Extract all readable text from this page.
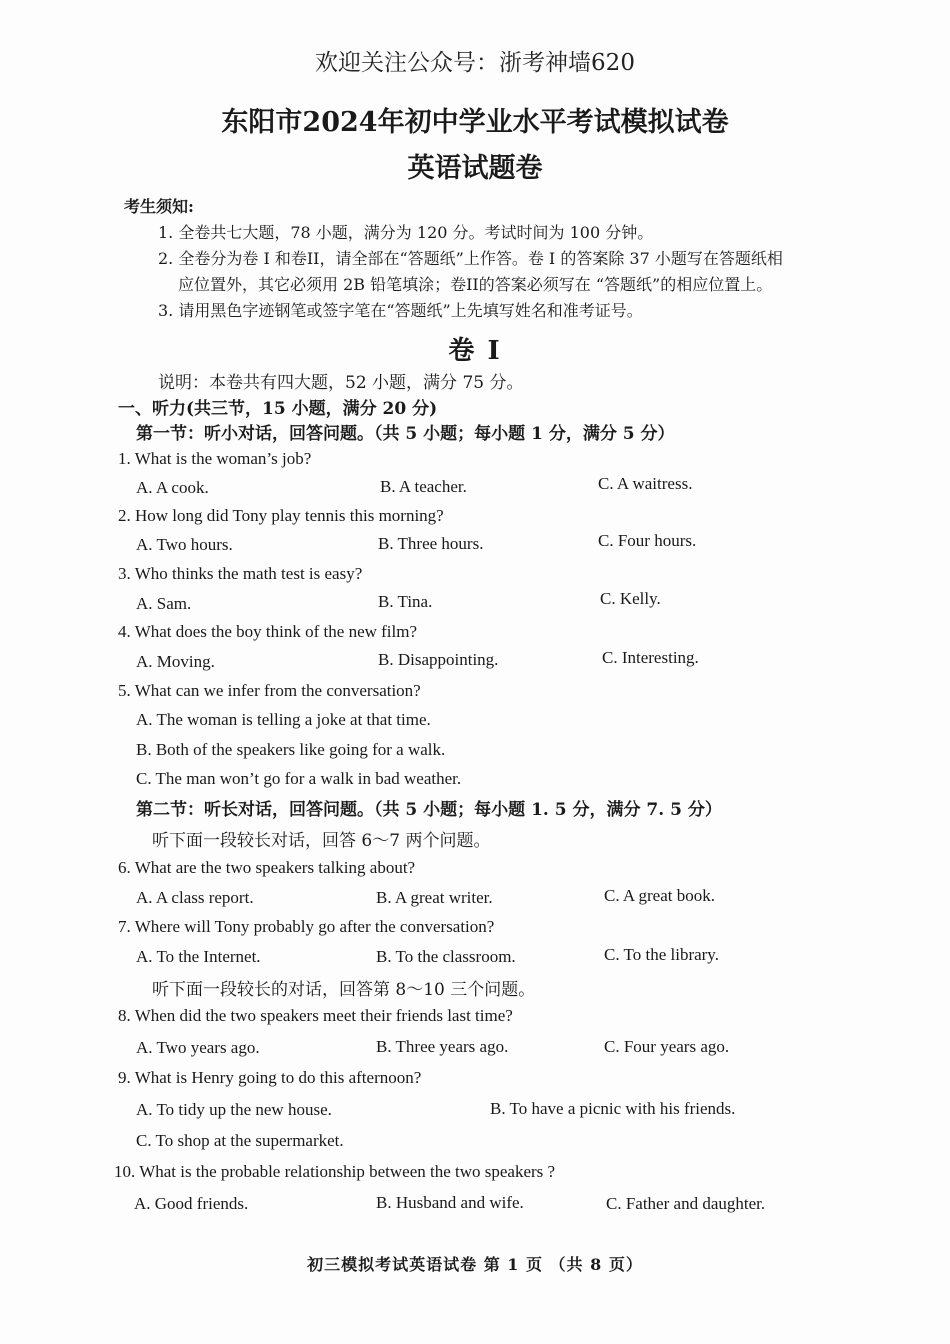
欢迎关注公众号：浙考神墙620
东阳市2024年初中学业水平考试模拟试卷
英语试题卷
考生须知:
1. 全卷共七大题，78 小题，满分为 120 分。考试时间为 100 分钟。
2. 全卷分为卷 I 和卷II，请全部在“答题纸”上作答。卷 I 的答案除 37 小题写在答题纸相
应位置外，其它必须用 2B 铅笔填涂；卷II的答案必须写在 “答题纸”的相应位置上。
3. 请用黑色字迹钢笔或签字笔在“答题纸”上先填写姓名和准考证号。
卷 I
说明：本卷共有四大题，52 小题，满分 75 分。
一、听力(共三节，15 小题，满分 20 分)
第一节：听小对话，回答问题。（共 5 小题；每小题 1 分，满分 5 分）
1. What is the woman’s job?
A. A cook.	B. A teacher.	C. A waitress.
2. How long did Tony play tennis this morning?
A. Two hours.	B. Three hours.	C. Four hours.
3. Who thinks the math test is easy?
A. Sam.	B. Tina.	C. Kelly.
4. What does the boy think of the new film?
A. Moving.	B. Disappointing.	C. Interesting.
5. What can we infer from the conversation?
A. The woman is telling a joke at that time.
B. Both of the speakers like going for a walk.
C. The man won’t go for a walk in bad weather.
第二节：听长对话，回答问题。（共 5 小题；每小题 1. 5 分，满分 7. 5 分）
听下面一段较长对话，回答 6～7 两个问题。
6. What are the two speakers talking about?
A. A class report.	B. A great writer.	C. A great book.
7. Where will Tony probably go after the conversation?
A. To the Internet.	B. To the classroom.	C. To the library.
听下面一段较长的对话，回答第 8～10 三个问题。
8. When did the two speakers meet their friends last time?
A. Two years ago.	B. Three years ago.	C. Four years ago.
9. What is Henry going to do this afternoon?
A. To tidy up the new house.	B. To have a picnic with his friends.
C. To shop at the supermarket.
10. What is the probable relationship between the two speakers ?
A. Good friends.	B. Husband and wife.	C. Father and daughter.
初三模拟考试英语试卷 第 1 页 （共 8 页）
